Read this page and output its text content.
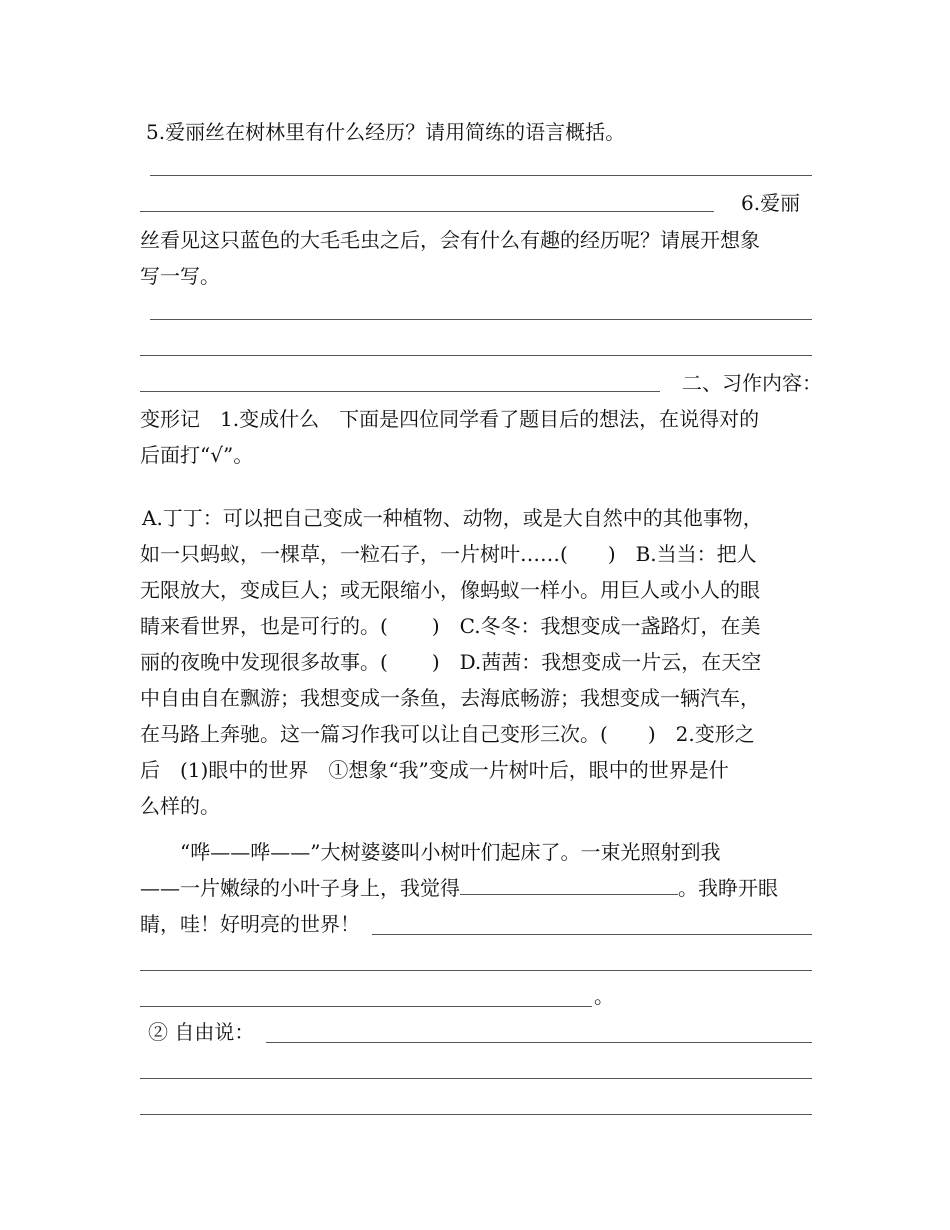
5.爱丽丝在树林里有什么经历？请用简练的语言概括。
6.爱丽
丝看见这只蓝色的大毛毛虫之后，会有什么有趣的经历呢？请展开想象
写一写。
二、习作内容：
变形记　1.变成什么　下面是四位同学看了题目后的想法，在说得对的
后面打“√”。
A.丁丁：可以把自己变成一种植物、动物，或是大自然中的其他事物，
如一只蚂蚁，一棵草，一粒石子，一片树叶……( )　B.当当：把人
无限放大，变成巨人；或无限缩小，像蚂蚁一样小。用巨人或小人的眼
睛来看世界，也是可行的。( )　C.冬冬：我想变成一盏路灯，在美
丽的夜晚中发现很多故事。( )　D.茜茜：我想变成一片云，在天空
中自由自在飘游；我想变成一条鱼，去海底畅游；我想变成一辆汽车，
在马路上奔驰。这一篇习作我可以让自己变形三次。( )　2.变形之
后　(1)眼中的世界　①想象“我”变成一片树叶后，眼中的世界是什
么样的。
　　“哗——哗——”大树婆婆叫小树叶们起床了。一束光照射到我
——一片嫩绿的小叶子身上，我觉得	。我睁开眼
睛，哇！好明亮的世界！
。
② 自由说：
